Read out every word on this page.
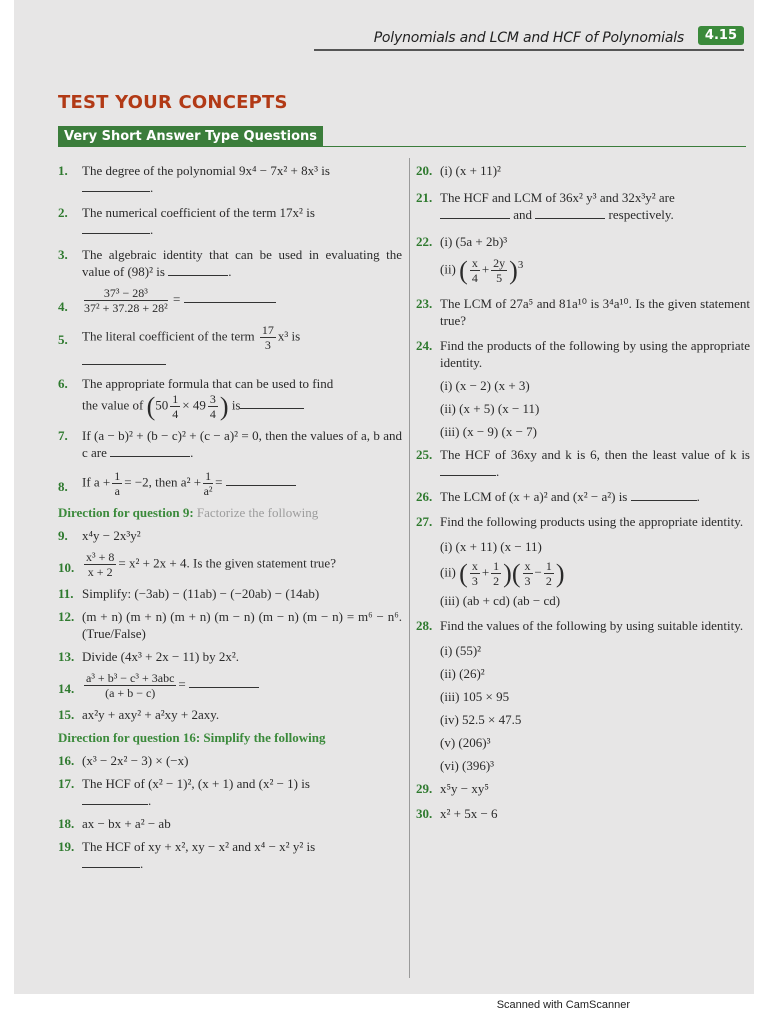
Polynomials and LCM and HCF of Polynomials	4.15
TEST YOUR CONCEPTS
Very Short Answer Type Questions
1. The degree of the polynomial 9x⁴ − 7x² + 8x³ is
.
2. The numerical coefficient of the term 17x² is
.
3. The algebraic identity that can be used in evaluating the value of (98)² is	.
4. $\frac{\text{37³ − 28³}}{\text{37² + 37.28 + 28²}}$ =
5. The literal coefficient of the term $\frac{17}{3} x^3$ is

6. The appropriate formula that can be used to find
the value of ($50 \frac{1}{4} \times 49 \frac{3}{4}$ ) is
7. If (a − b)² + (b − c)² + (c − a)² = 0, then the values of a, b and c are	.
8. If $a + \frac{1}{a} = -2$, then $a^2 + \frac{1}{\text{a²}}$ =
Direction for question 9: Factorize the following
9. x⁴y − 2x³y²
10. $\frac{\text{x³ + 8}}{x + 2} = x^2 + 2x + 4$. Is the given statement true?
11. Simplify: (−3ab) − (11ab) − (−20ab) − (14ab)
12. (m + n) (m + n) (m + n) (m − n) (m − n) (m − n) = m⁶ − n⁶. (True/False)
13. Divide (4x³ + 2x − 11) by 2x².
14. $\frac{\text{a³ + b³ − c³ + 3abc}}{(a + b - c)}$ =
15. ax²y + axy² + a²xy + 2axy.
Direction for question 16: Simplify the following
16. (x³ − 2x² − 3) × (−x)
17. The HCF of (x² − 1)², (x + 1) and (x² − 1) is
.
18. ax − bx + a² − ab
19. The HCF of xy + x², xy − x² and x⁴ − x² y² is
.
20. (i) (x + 11)²
21. The HCF and LCM of 36x² y³ and 32x³y² are
and	respectively.
22. (i) (5a + 2b)³
(ii) ( $\frac{x}{4} + \frac{2y}{5} )^3$
23. The LCM of 27a⁵ and 81a¹⁰ is 3⁴a¹⁰. Is the given statement true?
24. Find the products of the following by using the appropriate identity.
(i) (x − 2) (x + 3)
(ii) (x + 5) (x − 11)
(iii) (x − 9) (x − 7)
25. The HCF of 36xy and k is 6, then the least value of k is .
26. The LCM of (x + a)² and (x² − a²) is	.
27. Find the following products using the appropriate identity.
(i) (x + 11) (x − 11)
(ii) ( $\frac{x}{3} + \frac{1}{2}$ )( $\frac{x}{3} - \frac{1}{2}$ )
(iii) (ab + cd) (ab − cd)
28. Find the values of the following by using suitable identity.
(i) (55)²
(ii) (26)²
(iii) 105 × 95
(iv) 52.5 × 47.5
(v) (206)³
(vi) (396)³
29. x⁵y − xy⁵
30. x² + 5x − 6
Scanned with CamScanner
